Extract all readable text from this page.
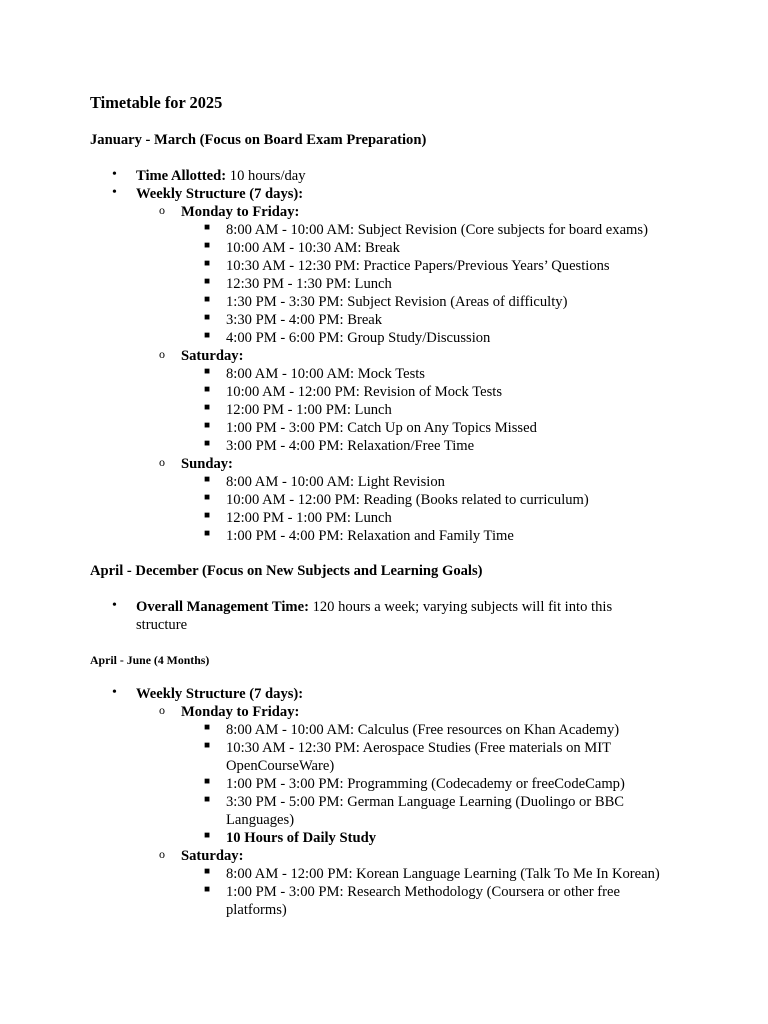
Timetable for 2025
January - March (Focus on Board Exam Preparation)
• Time Allotted: 10 hours/day
• Weekly Structure (7 days):
o Monday to Friday:
■ 8:00 AM - 10:00 AM: Subject Revision (Core subjects for board exams)
■ 10:00 AM - 10:30 AM: Break
■ 10:30 AM - 12:30 PM: Practice Papers/Previous Years’ Questions
■ 12:30 PM - 1:30 PM: Lunch
■ 1:30 PM - 3:30 PM: Subject Revision (Areas of difficulty)
■ 3:30 PM - 4:00 PM: Break
■ 4:00 PM - 6:00 PM: Group Study/Discussion
o Saturday:
■ 8:00 AM - 10:00 AM: Mock Tests
■ 10:00 AM - 12:00 PM: Revision of Mock Tests
■ 12:00 PM - 1:00 PM: Lunch
■ 1:00 PM - 3:00 PM: Catch Up on Any Topics Missed
■ 3:00 PM - 4:00 PM: Relaxation/Free Time
o Sunday:
■ 8:00 AM - 10:00 AM: Light Revision
■ 10:00 AM - 12:00 PM: Reading (Books related to curriculum)
■ 12:00 PM - 1:00 PM: Lunch
■ 1:00 PM - 4:00 PM: Relaxation and Family Time
April - December (Focus on New Subjects and Learning Goals)
• Overall Management Time: 120 hours a week; varying subjects will fit into this
structure
April - June (4 Months)
• Weekly Structure (7 days):
o Monday to Friday:
■ 8:00 AM - 10:00 AM: Calculus (Free resources on Khan Academy)
■ 10:30 AM - 12:30 PM: Aerospace Studies (Free materials on MIT
OpenCourseWare)
■ 1:00 PM - 3:00 PM: Programming (Codecademy or freeCodeCamp)
■ 3:30 PM - 5:00 PM: German Language Learning (Duolingo or BBC
Languages)
■ 10 Hours of Daily Study
o Saturday:
■ 8:00 AM - 12:00 PM: Korean Language Learning (Talk To Me In Korean)
■ 1:00 PM - 3:00 PM: Research Methodology (Coursera or other free
platforms)
